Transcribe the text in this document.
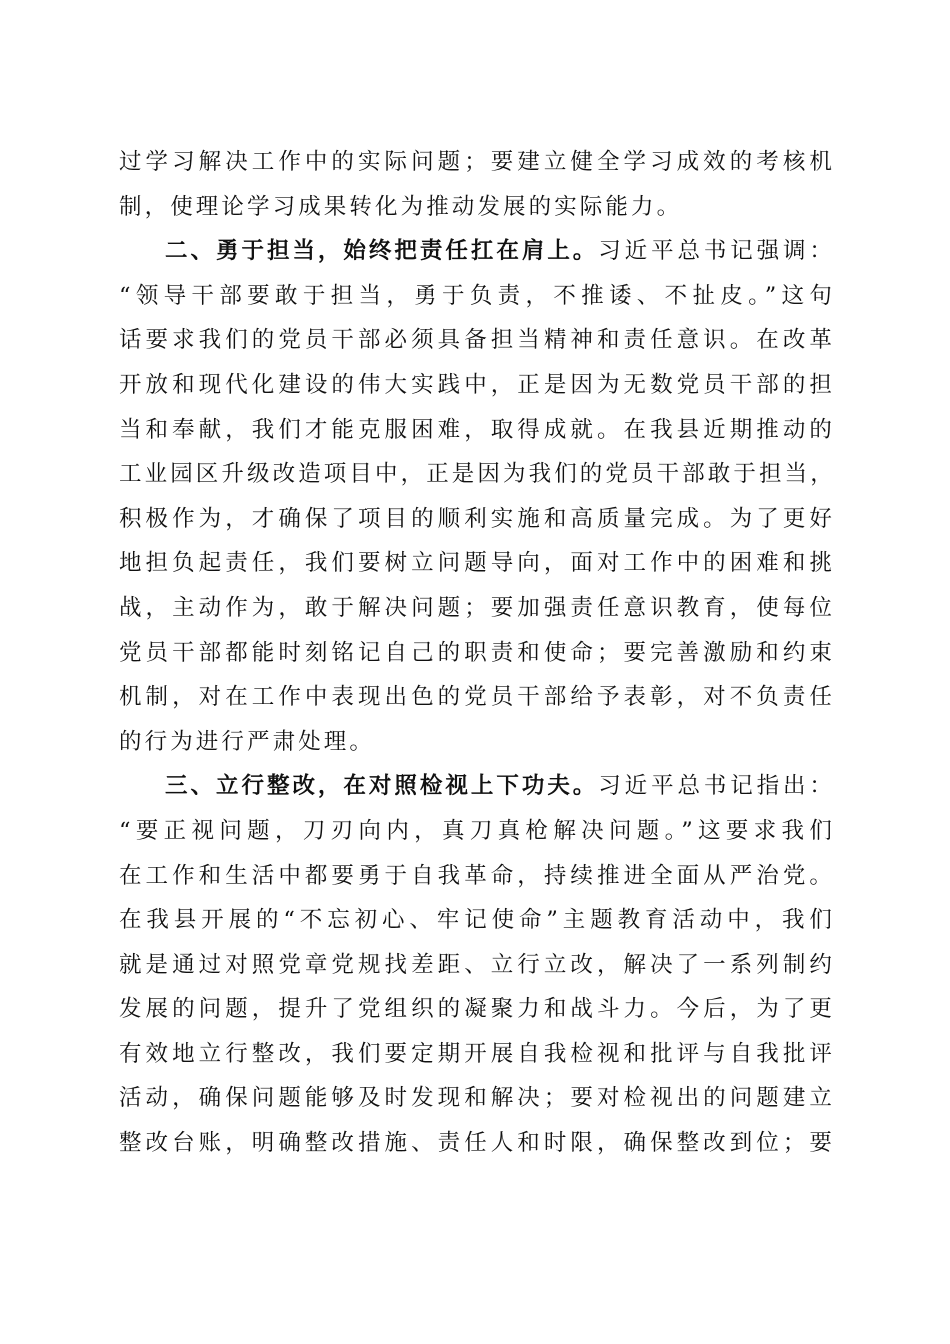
过学习解决工作中的实际问题；要建立健全学习成效的考核机
制，使理论学习成果转化为推动发展的实际能力。
二、勇于担当，始终把责任扛在肩上。习近平总书记强调：
“领导干部要敢于担当，勇于负责，不推诿、不扯皮。”这句
话要求我们的党员干部必须具备担当精神和责任意识。在改革
开放和现代化建设的伟大实践中，正是因为无数党员干部的担
当和奉献，我们才能克服困难，取得成就。在我县近期推动的
工业园区升级改造项目中，正是因为我们的党员干部敢于担当，
积极作为，才确保了项目的顺利实施和高质量完成。为了更好
地担负起责任，我们要树立问题导向，面对工作中的困难和挑
战，主动作为，敢于解决问题；要加强责任意识教育，使每位
党员干部都能时刻铭记自己的职责和使命；要完善激励和约束
机制，对在工作中表现出色的党员干部给予表彰，对不负责任
的行为进行严肃处理。
三、立行整改，在对照检视上下功夫。习近平总书记指出：
“要正视问题，刀刃向内，真刀真枪解决问题。”这要求我们
在工作和生活中都要勇于自我革命，持续推进全面从严治党。
在我县开展的“不忘初心、牢记使命”主题教育活动中，我们
就是通过对照党章党规找差距、立行立改，解决了一系列制约
发展的问题，提升了党组织的凝聚力和战斗力。今后，为了更
有效地立行整改，我们要定期开展自我检视和批评与自我批评
活动，确保问题能够及时发现和解决；要对检视出的问题建立
整改台账，明确整改措施、责任人和时限，确保整改到位；要
